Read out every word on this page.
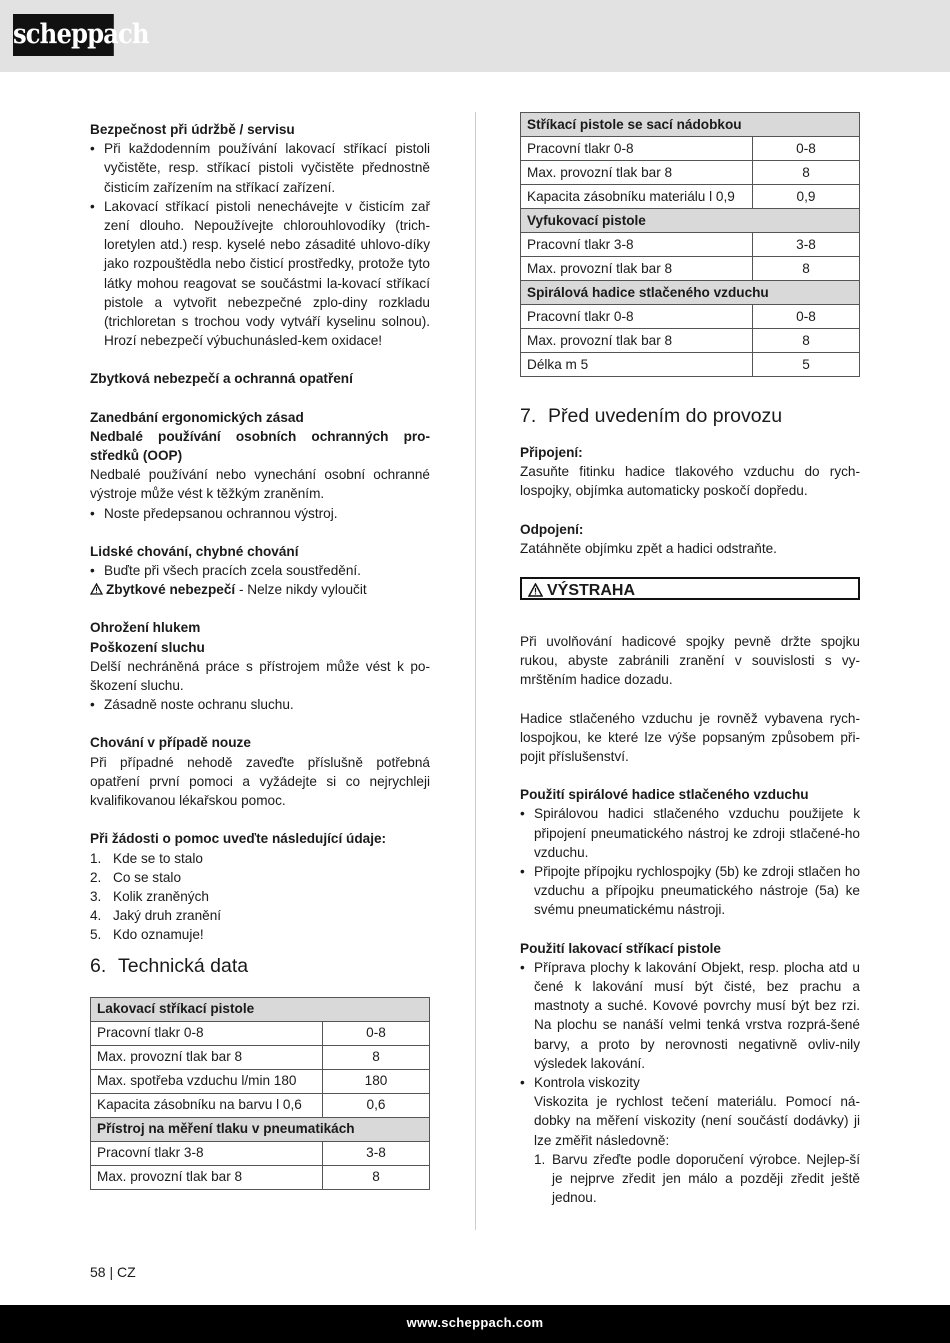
scheppach
Bezpečnost při údržbě / servisu
• Při každodenním používání lakovací stříkací pistoli vyčistěte, resp. stříkací pistoli vyčistěte přednostně čisticím zařízením na stříkací zařízení.
• Lakovací stříkací pistoli nenechávejte v čisticím zař zení dlouho. Nepoužívejte chlorouhlovodíky (trich-loretylen atd.) resp. kyselé nebo zásadité uhlovo-díky jako rozpouštědla nebo čisticí prostředky, protože tyto látky mohou reagovat se součástmi la-kovací stříkací pistole a vytvořit nebezpečné zplo-diny rozkladu (trichloretan s trochou vody vytváří kyselinu solnou). Hrozí nebezpečí výbuchunásled-kem oxidace!
Zbytková nebezpečí a ochranná opatření
Zanedbání ergonomických zásad
Nedbalé používání osobních ochranných pro-středků (OOP)
Nedbalé používání nebo vynechání osobní ochranné výstroje může vést k těžkým zraněním.
• Noste předepsanou ochrannou výstroj.
Lidské chování, chybné chování
• Buďte při všech pracích zcela soustředění.
Zbytkové nebezpečí - Nelze nikdy vyloučit
Ohrožení hlukem
Poškození sluchu
Delší nechráněná práce s přístrojem může vést k po-škození sluchu.
• Zásadně noste ochranu sluchu.
Chování v případě nouze
Při případné nehodě zaveďte příslušně potřebná opatření první pomoci a vyžádejte si co nejrychleji kvalifikovanou lékařskou pomoc.
Při žádosti o pomoc uveďte následující údaje:
1. Kde se to stalo
2. Co se stalo
3. Kolik zraněných
4. Jaký druh zranění
5. Kdo oznamuje!
6. Technická data
Lakovací stříkací pistole	
Pracovní tlakr 0-8	0-8
Max. provozní tlak bar 8	8
Max. spotřeba vzduchu l/min 180	180
Kapacita zásobníku na barvu l 0,6	0,6
Přístroj na měření tlaku v pneumatikách	
Pracovní tlakr 3-8	3-8
Max. provozní tlak bar 8	8
Stříkací pistole se sací nádobkou	
Pracovní tlakr 0-8	0-8
Max. provozní tlak bar 8	8
Kapacita zásobníku materiálu l 0,9	0,9
Vyfukovací pistole	
Pracovní tlakr 3-8	3-8
Max. provozní tlak bar 8	8
Spirálová hadice stlačeného vzduchu	
Pracovní tlakr 0-8	0-8
Max. provozní tlak bar 8	8
Délka m 5	5
7. Před uvedením do provozu
Připojení:
Zasuňte fitinku hadice tlakového vzduchu do rych-lospojky, objímka automaticky poskočí dopředu.
Odpojení:
Zatáhněte objímku zpět a hadici odstraňte.
VÝSTRAHA
Při uvolňování hadicové spojky pevně držte spojku rukou, abyste zabránili zranění v souvislosti s vy-mrštěním hadice dozadu.
Hadice stlačeného vzduchu je rovněž vybavena rych-lospojkou, ke které lze výše popsaným způsobem při-pojit příslušenství.
Použití spirálové hadice stlačeného vzduchu
• Spirálovou hadici stlačeného vzduchu použijete k připojení pneumatického nástroj ke zdroji stlačené-ho vzduchu.
• Připojte přípojku rychlospojky (5b) ke zdroji stlačen ho vzduchu a přípojku pneumatického nástroje (5a) ke svému pneumatickému nástroji.
Použití lakovací stříkací pistole
• Příprava plochy k lakování Objekt, resp. plocha atd u čené k lakování musí být čisté, bez prachu a mastnoty a suché. Kovové povrchy musí být bez rzi. Na plochu se nanáší velmi tenká vrstva rozprá-šené barvy, a proto by nerovnosti negativně ovliv-nily výsledek lakování.
• Kontrola viskozity
Viskozita je rychlost tečení materiálu. Pomocí ná-dobky na měření viskozity (není součástí dodávky) ji lze změřit následovně:
1. Barvu zřeďte podle doporučení výrobce. Nejlep-ší je nejprve zředit jen málo a později zředit ještě jednou.
58 | CZ
www.scheppach.com
